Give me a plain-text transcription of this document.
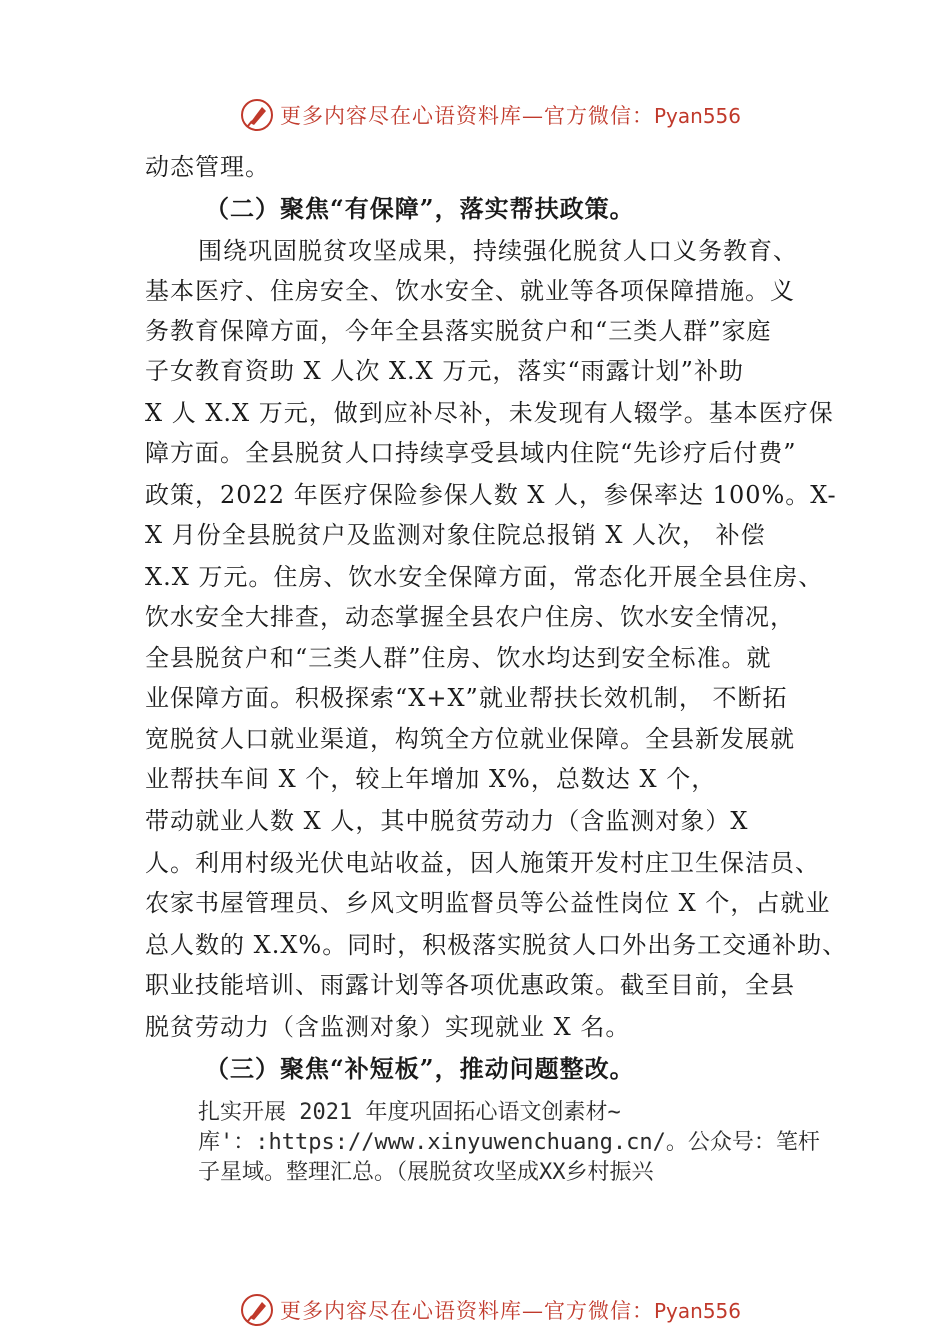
更多内容尽在心语资料库—官方微信：Pyan556
动态管理。
（二）聚焦“有保障”，落实帮扶政策。
围绕巩固脱贫攻坚成果，持续强化脱贫人口义务教育、
基本医疗、住房安全、饮水安全、就业等各项保障措施。义
务教育保障方面，今年全县落实脱贫户和“三类人群”家庭
子女教育资助 X 人次 X.X 万元，落实“雨露计划”补助
X 人 X.X 万元，做到应补尽补，未发现有人辍学。基本医疗保
障方面。全县脱贫人口持续享受县域内住院“先诊疗后付费”
政策，2022 年医疗保险参保人数 X 人，参保率达 100%。X-
X 月份全县脱贫户及监测对象住院总报销 X 人次， 补偿
X.X 万元。住房、饮水安全保障方面，常态化开展全县住房、
饮水安全大排查，动态掌握全县农户住房、饮水安全情况，
全县脱贫户和“三类人群”住房、饮水均达到安全标准。就
业保障方面。积极探索“X+X”就业帮扶长效机制， 不断拓
宽脱贫人口就业渠道，构筑全方位就业保障。全县新发展就
业帮扶车间 X 个，较上年增加 X%，总数达 X 个，
带动就业人数 X 人，其中脱贫劳动力（含监测对象）X
人。利用村级光伏电站收益，因人施策开发村庄卫生保洁员、
农家书屋管理员、乡风文明监督员等公益性岗位 X 个，占就业
总人数的 X.X%。同时，积极落实脱贫人口外出务工交通补助、
职业技能培训、雨露计划等各项优惠政策。截至目前，全县
脱贫劳动力（含监测对象）实现就业 X 名。
（三）聚焦“补短板”，推动问题整改。
扎实开展 2021 年度巩固拓心语文创素材~
库'：:https://www.xinyuwenchuang.cn/。公众号：笔杆
子星域。整理汇总。（展脱贫攻坚成XX乡村振兴
更多内容尽在心语资料库—官方微信：Pyan556
